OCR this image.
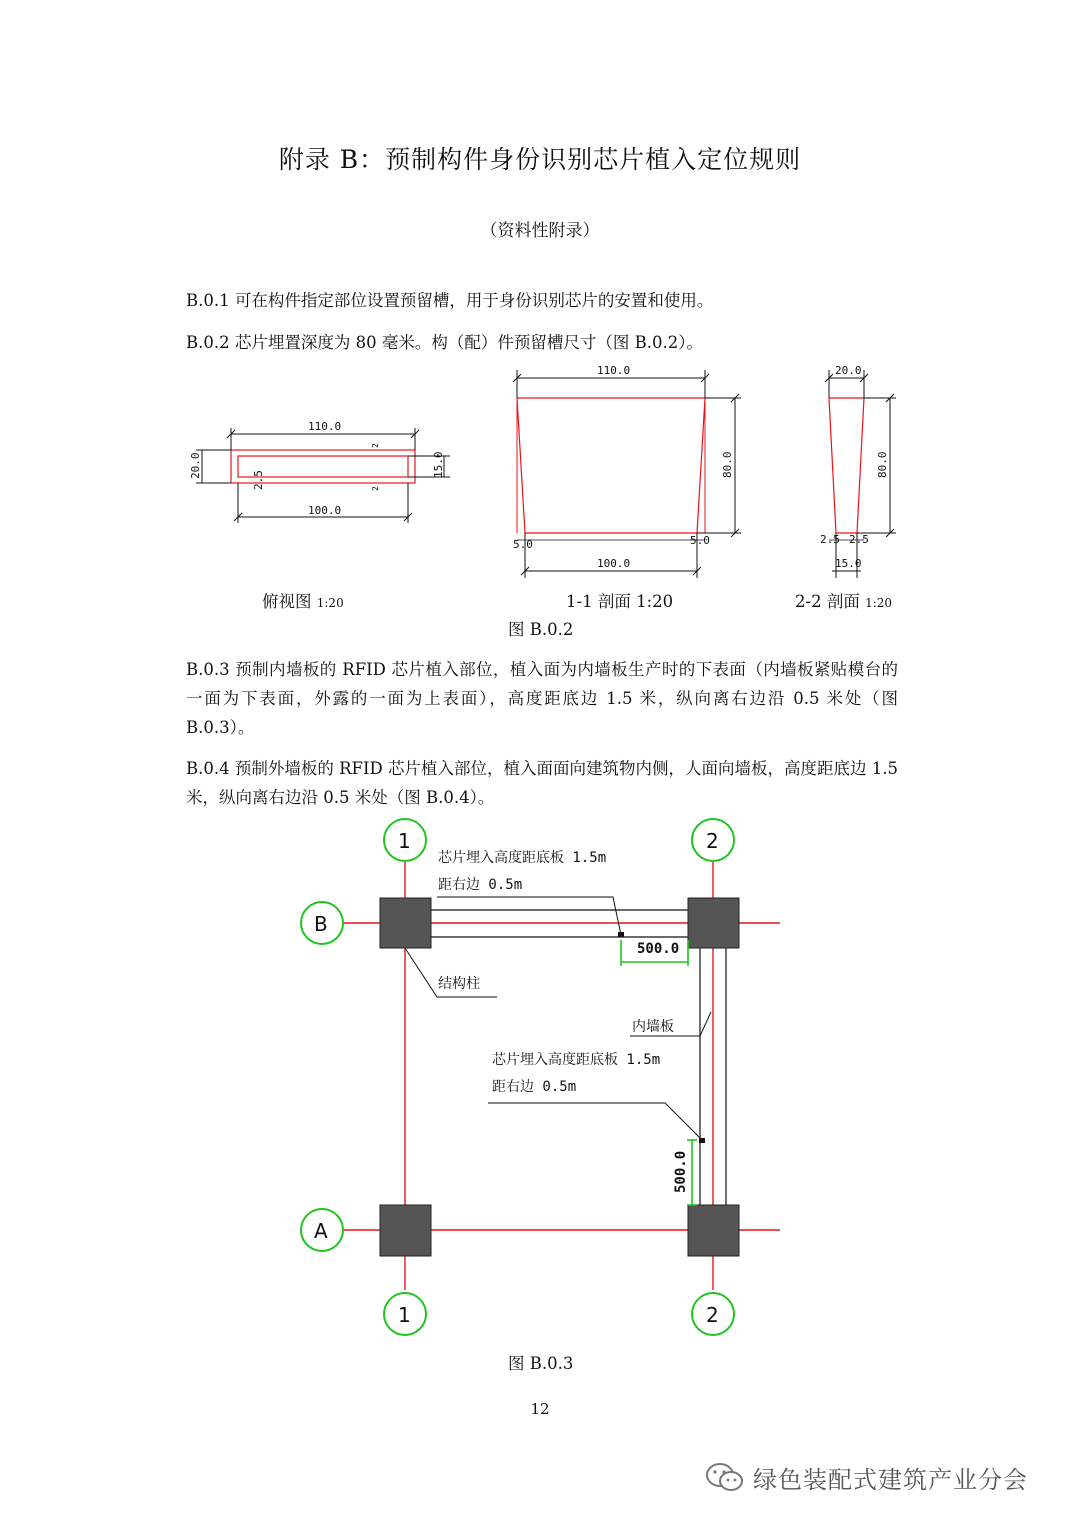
附录 B：预制构件身份识别芯片植入定位规则
（资料性附录）
B.0.1 可在构件指定部位设置预留槽，用于身份识别芯片的安置和使用。
B.0.2 芯片埋置深度为 80 毫米。构（配）件预留槽尺寸（图 B.0.2）。
110.0
100.0
20.0	15.0
2.5
2
2
110.0
100.0
80.0
5.0	5.0
20.0
15.0
80.0
2.5 2.5
俯视图 1:20	1-1 剖面 1:20	2-2 剖面 1:20
图 B.0.2
B.0.3 预制内墙板的 RFID 芯片植入部位，植入面为内墙板生产时的下表面（内墙板紧贴模台的一面为下表面，外露的一面为上表面），高度距底边 1.5 米，纵向离右边沿 0.5 米处（图 B.0.3）。
B.0.4 预制外墙板的 RFID 芯片植入部位，植入面面向建筑物内侧，人面向墙板，高度距底边 1.5 米，纵向离右边沿 0.5 米处（图 B.0.4）。
1	2
B
A
1	2
500.0
500.0
芯片埋入高度距底板 1.5m
距右边 0.5m
结构柱
内墙板
芯片埋入高度距底板 1.5m
距右边 0.5m
图 B.0.3
12
绿色装配式建筑产业分会
